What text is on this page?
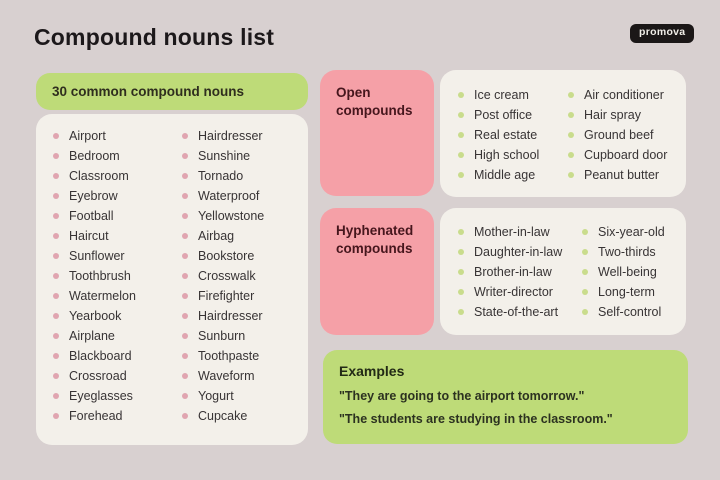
Compound nouns list	promova
30 common compound nouns
Airport
Bedroom
Classroom
Eyebrow
Football
Haircut
Sunflower
Toothbrush
Watermelon
Yearbook
Airplane
Blackboard
Crossroad
Eyeglasses
Forehead
Hairdresser
Sunshine
Tornado
Waterproof
Yellowstone
Airbag
Bookstore
Crosswalk
Firefighter
Hairdresser
Sunburn
Toothpaste
Waveform
Yogurt
Cupcake
Open compounds
Ice cream
Post office
Real estate
High school
Middle age
Air conditioner
Hair spray
Ground beef
Cupboard door
Peanut butter
Hyphenated compounds
Mother-in-law
Daughter-in-law
Brother-in-law
Writer-director
State-of-the-art
Six-year-old
Two-thirds
Well-being
Long-term
Self-control
Examples

"They are going to the airport tomorrow."

"The students are studying in the classroom."
